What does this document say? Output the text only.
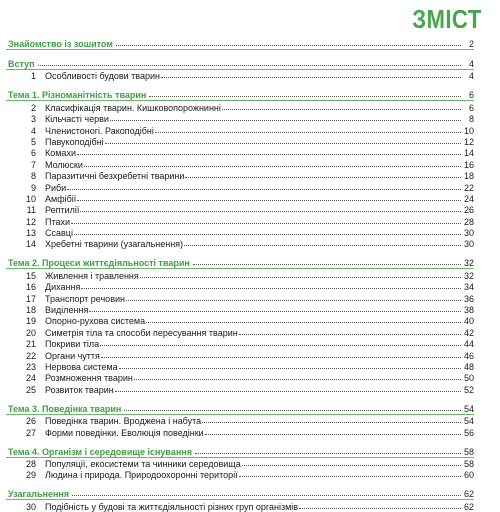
ЗМІСТ
Знайомство із зошитом	2
Вступ	4
1	Особливості будови тварин	4
Тема 1. Різноманітність тварин	6
2	Класифікація тварин. Кишковопорожнинні	6
3	Кільчасті черви	8
4	Членистоногі. Ракоподібні	10
5	Павукоподібні	12
6	Комахи	14
7	Молюски	16
8	Паразитичні безхребетні тварини	18
9	Риби	22
10	Амфібії	24
11	Рептилії	26
12	Птахи	28
13	Ссавці	30
14	Хребетні тварини (узагальнення)	30
Тема 2. Процеси життєдіяльності тварин	32
15	Живлення і травлення	32
16	Дихання	34
17	Транспорт речовин	36
18	Виділення	38
19	Опорно-рухова система	40
20	Симетрія тіла та способи пересування тварин	42
21	Покриви тіла	44
22	Органи чуття	46
23	Нервова система	48
24	Розмноження тварин	50
25	Розвиток тварин	52
Тема 3. Поведінка тварин	54
26	Поведінка тварин. Вроджена і набута	54
27	Форми поведінки. Еволюція поведінки	56
Тема 4. Організм і середовище існування	58
28	Популяції, екосистеми та чинники середовища	58
29	Людина і природа. Природоохоронні території	60
Узагальнення	62
30	Подібність у будові та життєдіяльності різних груп організмів	62
